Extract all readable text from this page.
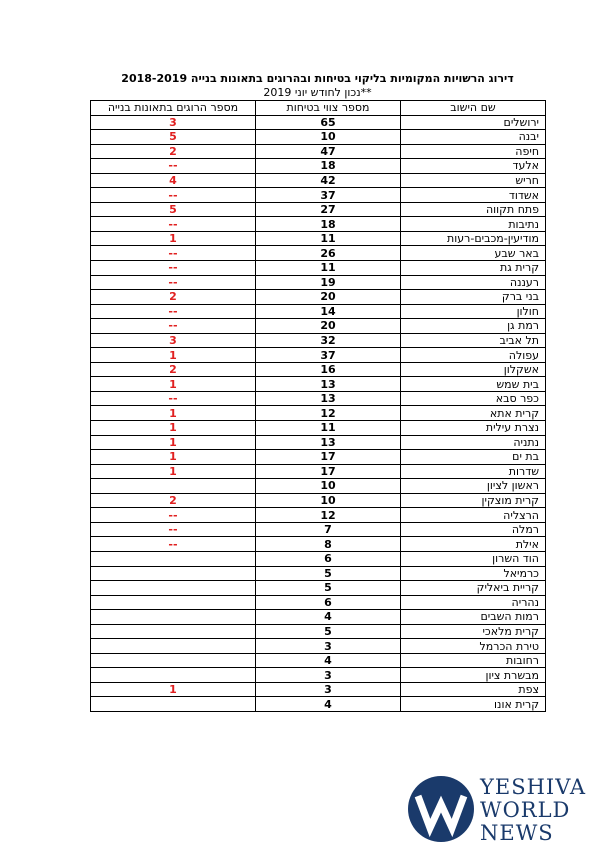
דירוג הרשויות המקומיות בליקוי בטיחות ובהרוגים בתאונות בנייה 2018-2019
**נכון לחודש יוני 2019
שם הישוב	מספר צווי בטיחות	מספר הרוגים בתאונות בנייה
ירושלים	65	3
יבנה	10	5
חיפה	47	2
אלעד	18	--
חריש	42	4
אשדוד	37	--
פתח תקווה	27	5
נתיבות	18	--
מודיעין-מכבים-רעות	11	1
באר שבע	26	--
קרית גת	11	--
רעננה	19	--
בני ברק	20	2
חולון	14	--
רמת גן	20	--
תל אביב	32	3
עפולה	37	1
אשקלון	16	2
בית שמש	13	1
כפר סבא	13	--
קרית אתא	12	1
נצרת עילית	11	1
נתניה	13	1
בת ים	17	1
שדרות	17	1
ראשון לציון	10	
קרית מוצקין	10	2
הרצליה	12	--
רמלה	7	--
אילת	8	--
הוד השרון	6	
כרמיאל	5	
קריית ביאליק	5	
נהריה	6	
רמות השבים	4	
קרית מלאכי	5	
טירת הכרמל	3	
רחובות	4	
מבשרת ציון	3	
צפת	3	1
קרית אונו	4	
YESHIVA
WORLD
NEWS
